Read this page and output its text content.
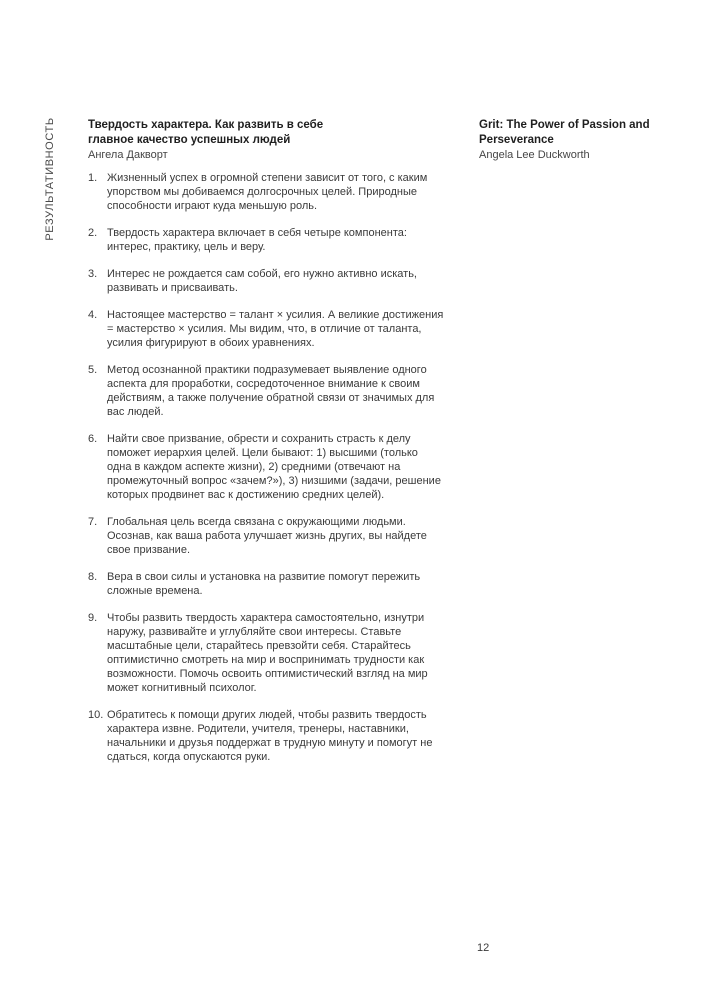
РЕЗУЛЬТАТИВНОСТЬ	Твердость характера. Как развить в себе
главное качество успешных людей
Ангела Дакворт
1. Жизненный успех в огромной степени зависит от того, с каким упорством мы добиваемся долгосрочных целей. Природные способности играют куда меньшую роль.
2. Твердость характера включает в себя четыре компонента: интерес, практику, цель и веру.
3. Интерес не рождается сам собой, его нужно активно искать, развивать и присваивать.
4. Настоящее мастерство = талант × усилия. А великие достижения = мастерство × усилия. Мы видим, что, в отличие от таланта, усилия фигурируют в обоих уравнениях.
5. Метод осознанной практики подразумевает выявление одного аспекта для проработки, сосредоточенное внимание к своим действиям, а также получение обратной связи от значимых для вас людей.
6. Найти свое призвание, обрести и сохранить страсть к делу поможет иерархия целей. Цели бывают: 1) высшими (только одна в каждом аспекте жизни), 2) средними (отвечают на промежуточный вопрос «зачем?»), 3) низшими (задачи, решение которых продвинет вас к достижению средних целей).
7. Глобальная цель всегда связана с окружающими людьми. Осознав, как ваша работа улучшает жизнь других, вы найдете свое призвание.
8. Вера в свои силы и установка на развитие помогут пережить сложные времена.
9. Чтобы развить твердость характера самостоятельно, изнутри наружу, развивайте и углубляйте свои интересы. Ставьте масштабные цели, старайтесь превзойти себя. Старайтесь оптимистично смотреть на мир и воспринимать трудности как возможности. Помочь освоить оптимистический взгляд на мир может когнитивный психолог.
10. Обратитесь к помощи других людей, чтобы развить твердость характера извне. Родители, учителя, тренеры, наставники, начальники и друзья поддержат в трудную минуту и помогут не сдаться, когда опускаются руки.
Grit: The Power of Passion and
Perseverance
Angela Lee Duckworth
12
